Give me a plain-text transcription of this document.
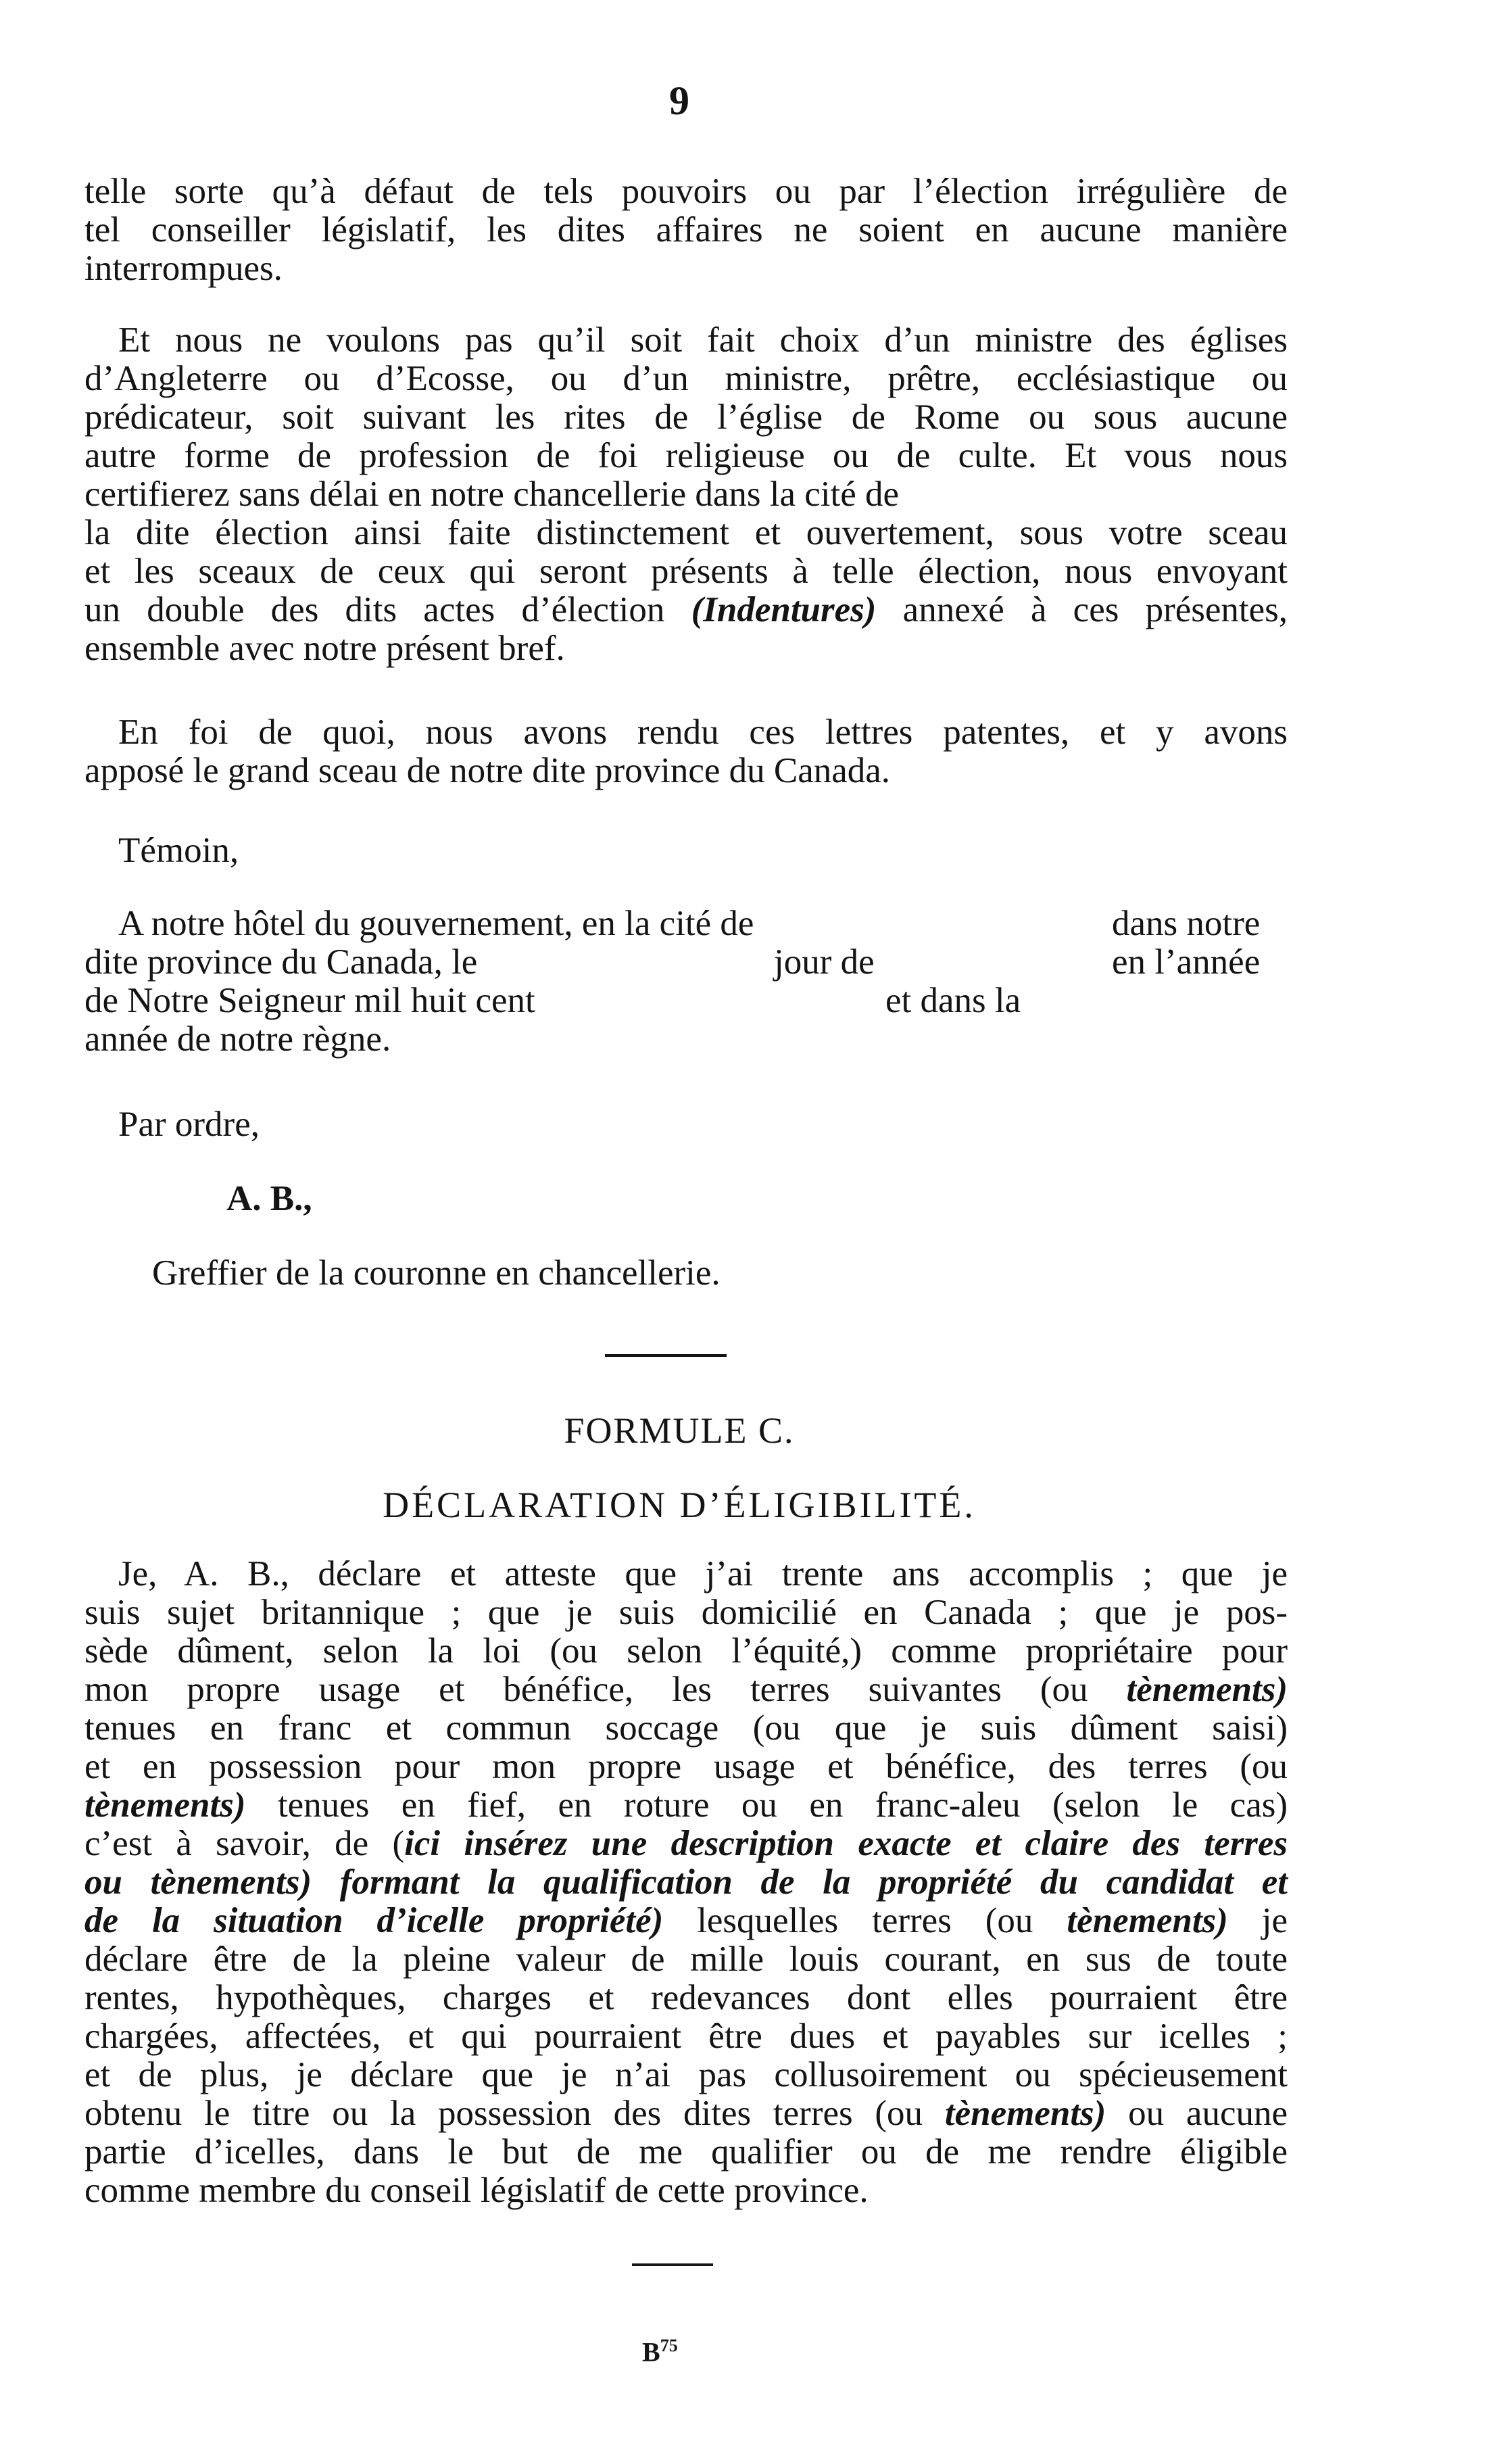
9
telle sorte qu’à défaut de tels pouvoirs ou par l’élection irrégulière de
tel conseiller législatif, les dites affaires ne soient en aucune manière
interrompues.
Et nous ne voulons pas qu’il soit fait choix d’un ministre des églises
d’Angleterre ou d’Ecosse, ou d’un ministre, prêtre, ecclésiastique ou
prédicateur, soit suivant les rites de l’église de Rome ou sous aucune
autre forme de profession de foi religieuse ou de culte. Et vous nous
certifierez sans délai en notre chancellerie dans la cité de
la dite élection ainsi faite distinctement et ouvertement, sous votre sceau
et les sceaux de ceux qui seront présents à telle élection, nous envoyant
un double des dits actes d’élection (Indentures) annexé à ces présentes,
ensemble avec notre présent bref.
En foi de quoi, nous avons rendu ces lettres patentes, et y avons
apposé le grand sceau de notre dite province du Canada.
Témoin,
A notre hôtel du gouvernement, en la cité de	dans notre
dite province du Canada, le	jour de	en l’année
de Notre Seigneur mil huit cent	et dans la
année de notre règne.
Par ordre,
A. B.,
Greffier de la couronne en chancellerie.
FORMULE C.
DÉCLARATION D’ÉLIGIBILITÉ.
Je, A. B., déclare et atteste que j’ai trente ans accomplis ; que je
suis sujet britannique ; que je suis domicilié en Canada ; que je pos-
sède dûment, selon la loi (ou selon l’équité,) comme propriétaire pour
mon propre usage et bénéfice, les terres suivantes (ou tènements)
tenues en franc et commun soccage (ou que je suis dûment saisi)
et en possession pour mon propre usage et bénéfice, des terres (ou
tènements) tenues en fief, en roture ou en franc-aleu (selon le cas)
c’est à savoir, de (ici insérez une description exacte et claire des terres
ou tènements) formant la qualification de la propriété du candidat et
de la situation d’icelle propriété) lesquelles terres (ou tènements) je
déclare être de la pleine valeur de mille louis courant, en sus de toute
rentes, hypothèques, charges et redevances dont elles pourraient être
chargées, affectées, et qui pourraient être dues et payables sur icelles ;
et de plus, je déclare que je n’ai pas collusoirement ou spécieusement
obtenu le titre ou la possession des dites terres (ou tènements) ou aucune
partie d’icelles, dans le but de me qualifier ou de me rendre éligible
comme membre du conseil législatif de cette province.
$B^{75}$
